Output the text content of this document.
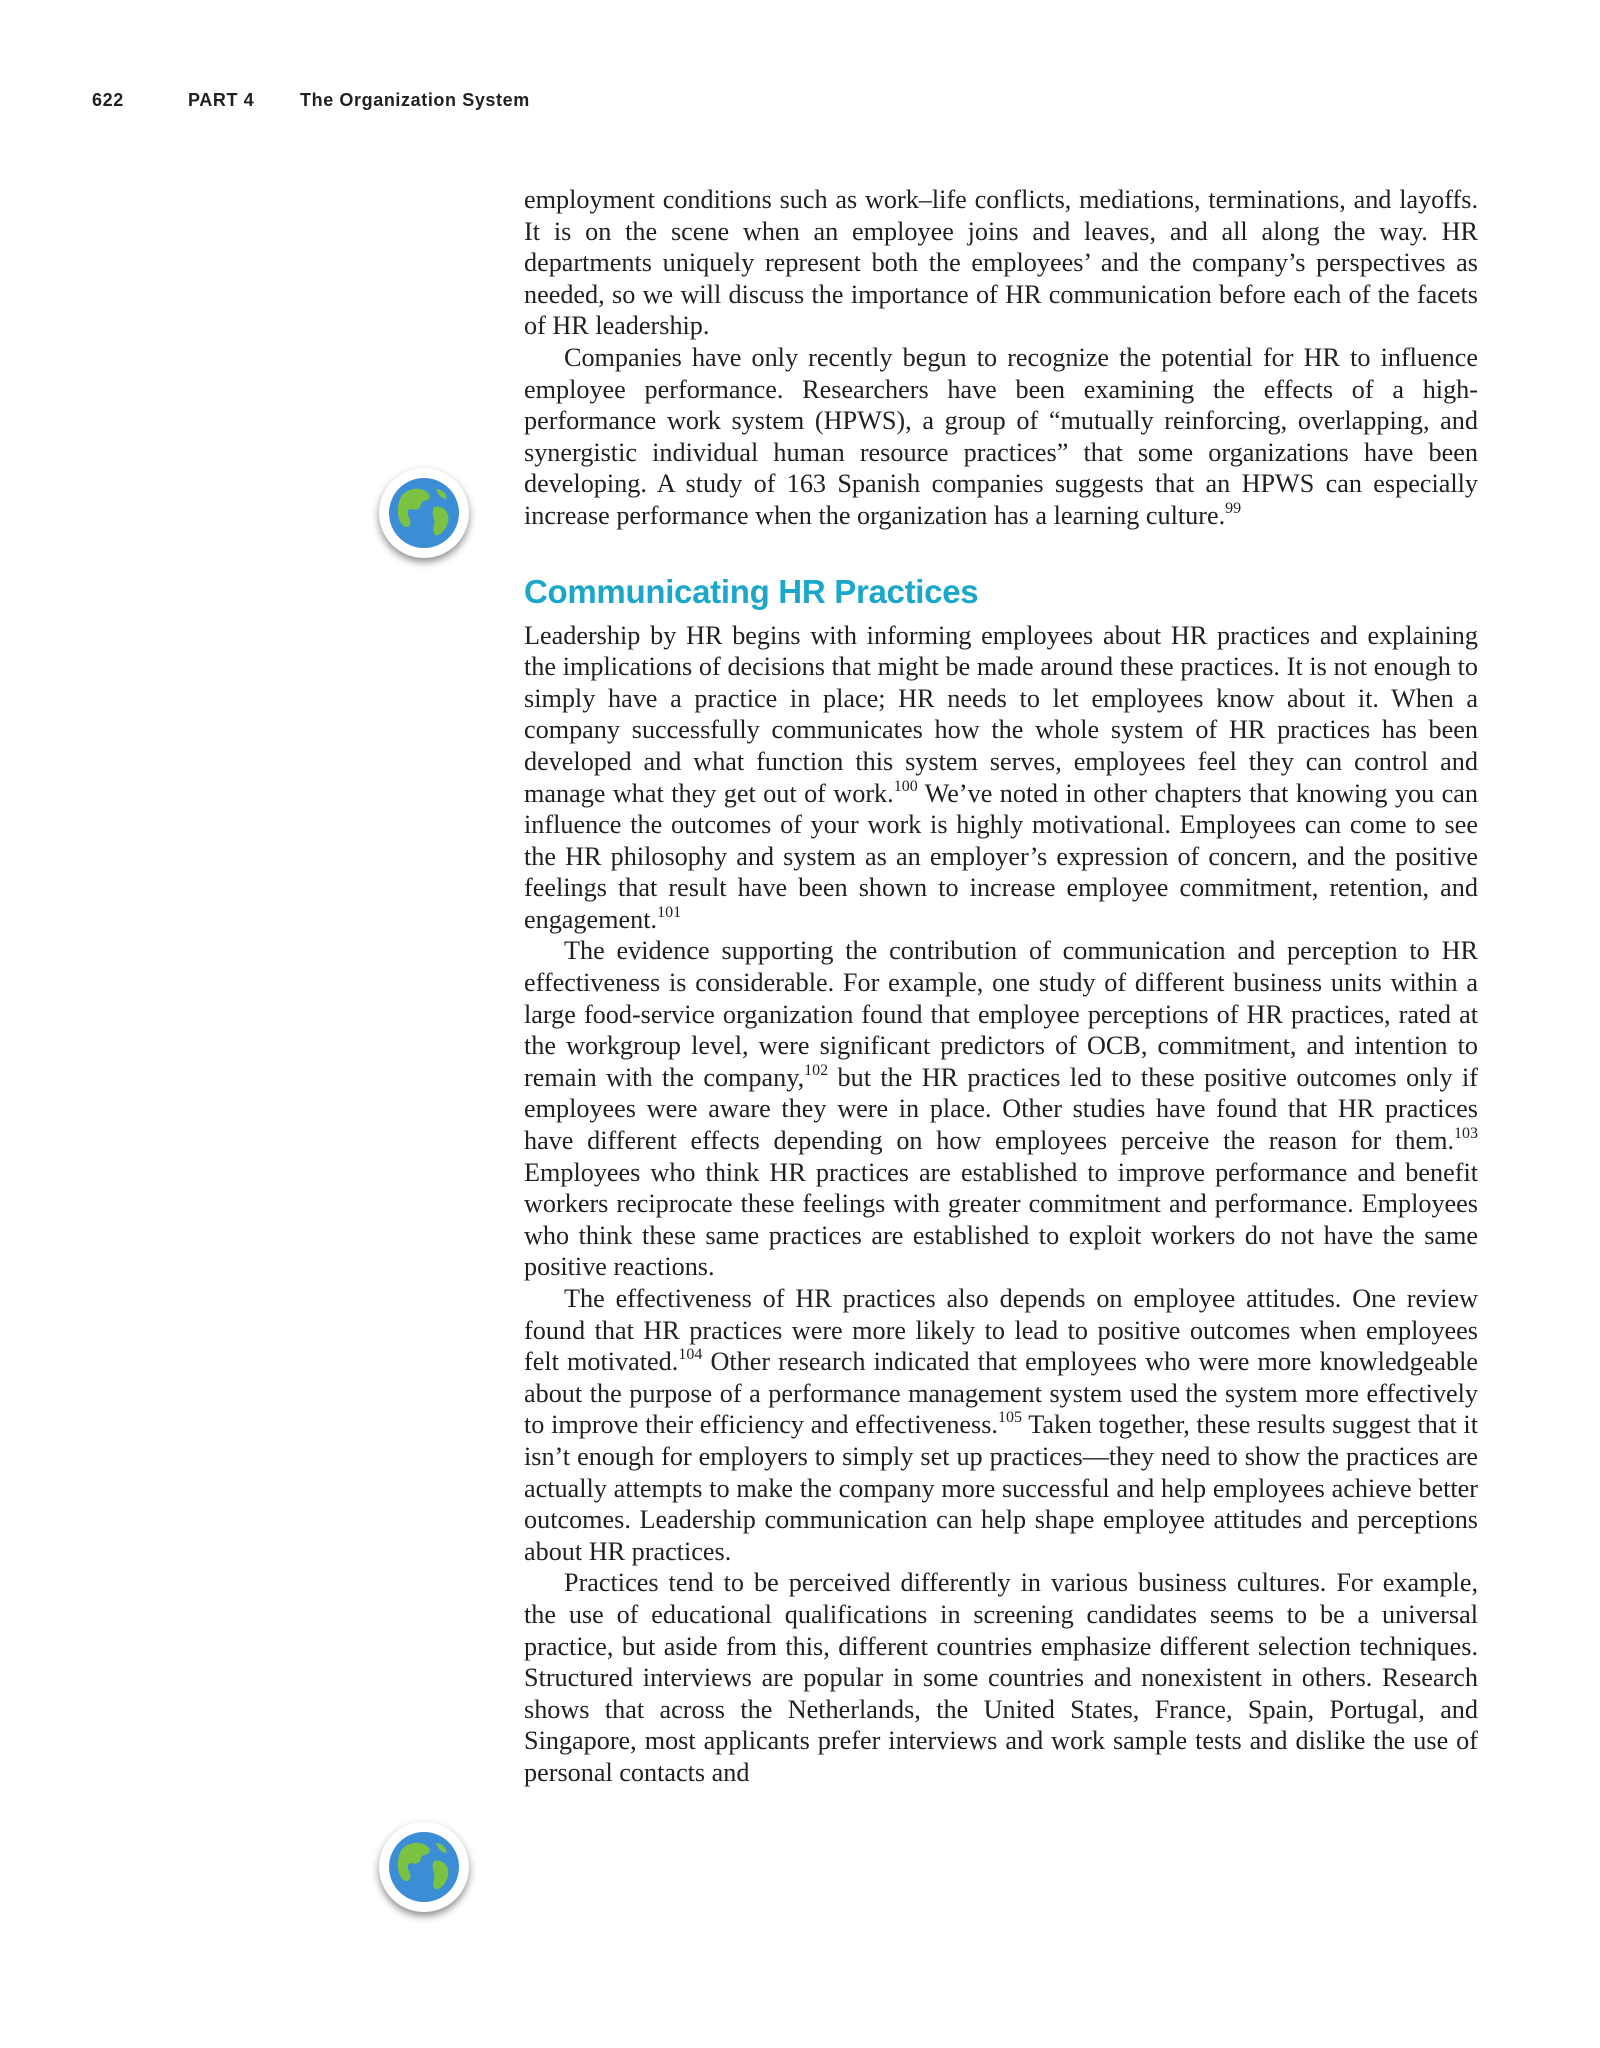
622	PART 4	The Organization System

employment conditions such as work–life conflicts, mediations, terminations, and layoffs. It is on the scene when an employee joins and leaves, and all along the way. HR departments uniquely represent both the employees’ and the company’s perspectives as needed, so we will discuss the importance of HR communication before each of the facets of HR leadership.

Companies have only recently begun to recognize the potential for HR to influence employee performance. Researchers have been examining the effects of a high-performance work system (HPWS), a group of “mutually reinforcing, overlapping, and synergistic individual human resource practices” that some organizations have been developing. A study of 163 Spanish companies suggests that an HPWS can especially increase performance when the organization has a learning culture.$^{99}$

Communicating HR Practices

Leadership by HR begins with informing employees about HR practices and explaining the implications of decisions that might be made around these practices. It is not enough to simply have a practice in place; HR needs to let employees know about it. When a company successfully communicates how the whole system of HR practices has been developed and what function this system serves, employees feel they can control and manage what they get out of work.$^{100}$ We’ve noted in other chapters that knowing you can influence the outcomes of your work is highly motivational. Employees can come to see the HR philosophy and system as an employer’s expression of concern, and the positive feelings that result have been shown to increase employee commitment, retention, and engagement.$^{101}$

The evidence supporting the contribution of communication and perception to HR effectiveness is considerable. For example, one study of different business units within a large food-service organization found that employee perceptions of HR practices, rated at the workgroup level, were significant predictors of OCB, commitment, and intention to remain with the company,$^{102}$ but the HR practices led to these positive outcomes only if employees were aware they were in place. Other studies have found that HR practices have different effects depending on how employees perceive the reason for them.$^{103}$ Employees who think HR practices are established to improve performance and benefit workers reciprocate these feelings with greater commitment and performance. Employees who think these same practices are established to exploit workers do not have the same positive reactions.

The effectiveness of HR practices also depends on employee attitudes. One review found that HR practices were more likely to lead to positive outcomes when employees felt motivated.$^{104}$ Other research indicated that employees who were more knowledgeable about the purpose of a performance management system used the system more effectively to improve their efficiency and effectiveness.$^{105}$ Taken together, these results suggest that it isn’t enough for employers to simply set up practices—they need to show the practices are actually attempts to make the company more successful and help employees achieve better outcomes. Leadership communication can help shape employee attitudes and perceptions about HR practices.

Practices tend to be perceived differently in various business cultures. For example, the use of educational qualifications in screening candidates seems to be a universal practice, but aside from this, different countries emphasize different selection techniques. Structured interviews are popular in some countries and nonexistent in others. Research shows that across the Netherlands, the United States, France, Spain, Portugal, and Singapore, most applicants prefer interviews and work sample tests and dislike the use of personal contacts and
